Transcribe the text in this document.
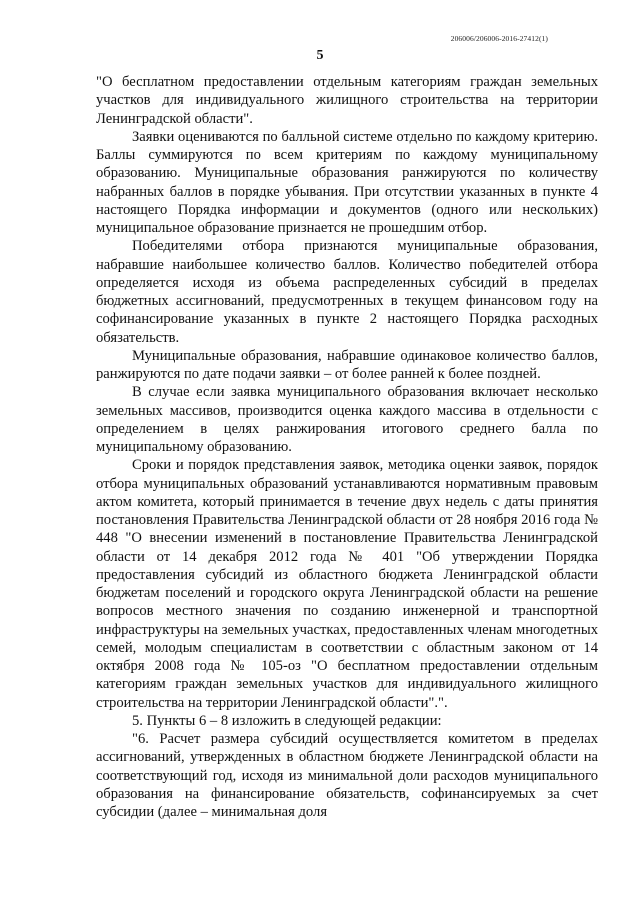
206006/206006-2016-27412(1)
5

"О бесплатном предоставлении отдельным категориям граждан земельных участков для индивидуального жилищного строительства на территории Ленинградской области".

Заявки оцениваются по балльной системе отдельно по каждому критерию. Баллы суммируются по всем критериям по каждому муниципальному образованию. Муниципальные образования ранжируются по количеству набранных баллов в порядке убывания. При отсутствии указанных в пункте 4 настоящего Порядка информации и документов (одного или нескольких) муниципальное образование признается не прошедшим отбор.

Победителями отбора признаются муниципальные образования, набравшие наибольшее количество баллов. Количество победителей отбора определяется исходя из объема распределенных субсидий в пределах бюджетных ассигнований, предусмотренных в текущем финансовом году на софинансирование указанных в пункте 2 настоящего Порядка расходных обязательств.

Муниципальные образования, набравшие одинаковое количество баллов, ранжируются по дате подачи заявки – от более ранней к более поздней.

В случае если заявка муниципального образования включает несколько земельных массивов, производится оценка каждого массива в отдельности с определением в целях ранжирования итогового среднего балла по муниципальному образованию.

Сроки и порядок представления заявок, методика оценки заявок, порядок отбора муниципальных образований устанавливаются нормативным правовым актом комитета, который принимается в течение двух недель с даты принятия постановления Правительства Ленинградской области от 28 ноября 2016 года № 448 "О внесении изменений в постановление Правительства Ленинградской области от 14 декабря 2012 года № 401 "Об утверждении Порядка предоставления субсидий из областного бюджета Ленинградской области бюджетам поселений и городского округа Ленинградской области на решение вопросов местного значения по созданию инженерной и транспортной инфраструктуры на земельных участках, предоставленных членам многодетных семей, молодым специалистам в соответствии с областным законом от 14 октября 2008 года № 105-оз "О бесплатном предоставлении отдельным категориям граждан земельных участков для индивидуального жилищного строительства на территории Ленинградской области".".

5. Пункты 6 – 8 изложить в следующей редакции:

"6. Расчет размера субсидий осуществляется комитетом в пределах ассигнований, утвержденных в областном бюджете Ленинградской области на соответствующий год, исходя из минимальной доли расходов муниципального образования на финансирование обязательств, софинансируемых за счет субсидии (далее – минимальная доля
